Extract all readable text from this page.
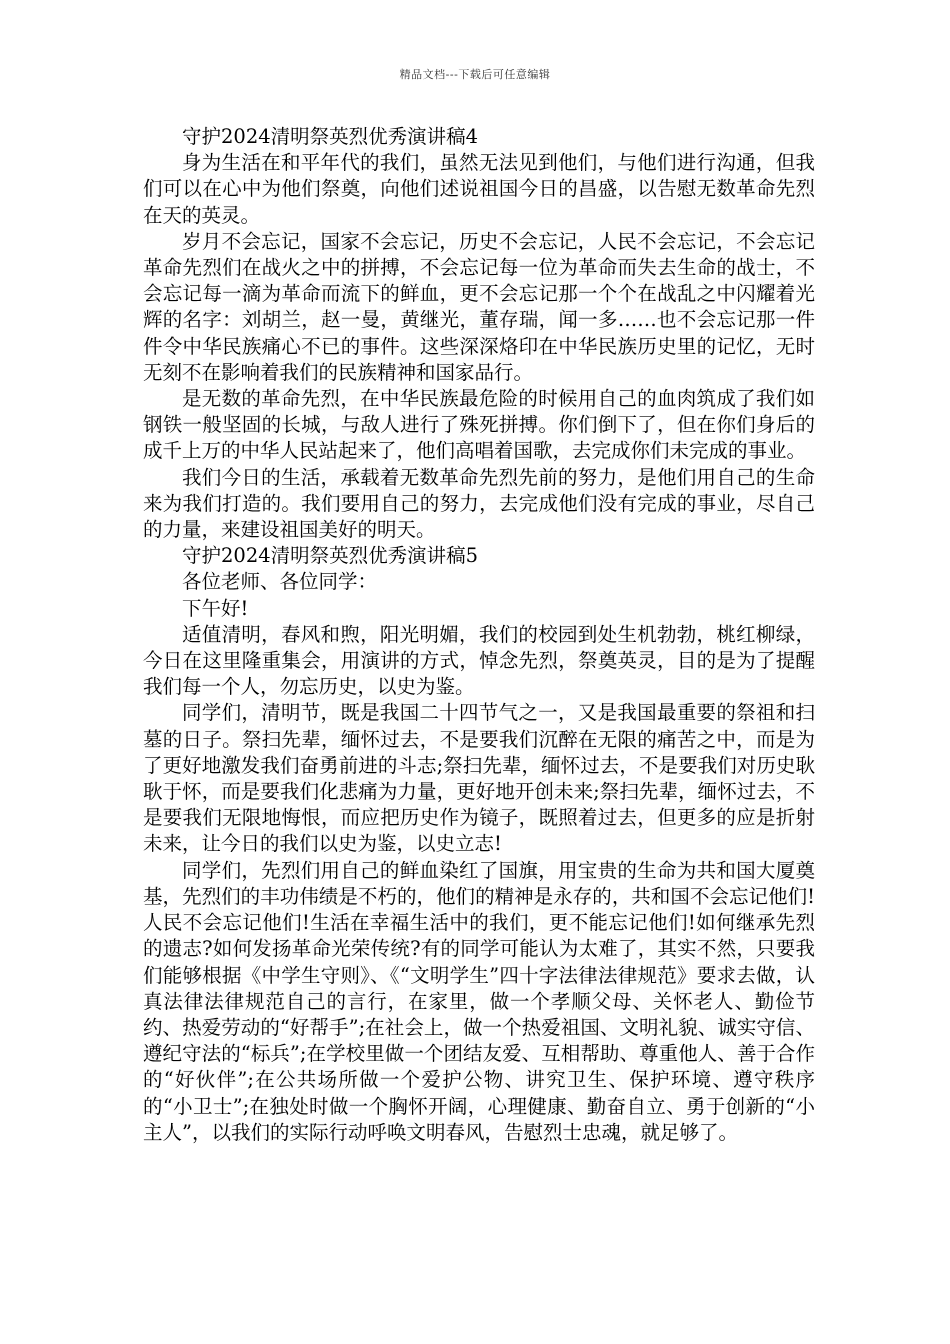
精品文档---下载后可任意编辑

守护2024清明祭英烈优秀演讲稿4

身为生活在和平年代的我们，虽然无法见到他们，与他们进行沟通，但我们可以在心中为他们祭奠，向他们述说祖国今日的昌盛，以告慰无数革命先烈在天的英灵。

岁月不会忘记，国家不会忘记，历史不会忘记，人民不会忘记，不会忘记革命先烈们在战火之中的拼搏，不会忘记每一位为革命而失去生命的战士，不会忘记每一滴为革命而流下的鲜血，更不会忘记那一个个在战乱之中闪耀着光辉的名字：刘胡兰，赵一曼，黄继光，董存瑞，闻一多……也不会忘记那一件件令中华民族痛心不已的事件。这些深深烙印在中华民族历史里的记忆，无时无刻不在影响着我们的民族精神和国家品行。

是无数的革命先烈，在中华民族最危险的时候用自己的血肉筑成了我们如钢铁一般坚固的长城，与敌人进行了殊死拼搏。你们倒下了，但在你们身后的成千上万的中华人民站起来了，他们高唱着国歌，去完成你们未完成的事业。

我们今日的生活，承载着无数革命先烈先前的努力，是他们用自己的生命来为我们打造的。我们要用自己的努力，去完成他们没有完成的事业，尽自己的力量，来建设祖国美好的明天。

守护2024清明祭英烈优秀演讲稿5

各位老师、各位同学：

下午好!

适值清明，春风和煦，阳光明媚，我们的校园到处生机勃勃，桃红柳绿，今日在这里隆重集会，用演讲的方式，悼念先烈，祭奠英灵，目的是为了提醒我们每一个人，勿忘历史，以史为鉴。

同学们，清明节，既是我国二十四节气之一，又是我国最重要的祭祖和扫墓的日子。祭扫先辈，缅怀过去，不是要我们沉醉在无限的痛苦之中，而是为了更好地激发我们奋勇前进的斗志;祭扫先辈，缅怀过去，不是要我们对历史耿耿于怀，而是要我们化悲痛为力量，更好地开创未来;祭扫先辈，缅怀过去，不是要我们无限地悔恨，而应把历史作为镜子，既照着过去，但更多的应是折射未来，让今日的我们以史为鉴，以史立志!

同学们，先烈们用自己的鲜血染红了国旗，用宝贵的生命为共和国大厦奠基，先烈们的丰功伟绩是不朽的，他们的精神是永存的，共和国不会忘记他们!人民不会忘记他们!生活在幸福生活中的我们，更不能忘记他们!如何继承先烈的遗志?如何发扬革命光荣传统?有的同学可能认为太难了，其实不然，只要我们能够根据《中学生守则》、《“文明学生”四十字法律法律规范》要求去做，认真法律法律规范自己的言行，在家里，做一个孝顺父母、关怀老人、勤俭节约、热爱劳动的“好帮手”;在社会上，做一个热爱祖国、文明礼貌、诚实守信、遵纪守法的“标兵”;在学校里做一个团结友爱、互相帮助、尊重他人、善于合作的“好伙伴”;在公共场所做一个爱护公物、讲究卫生、保护环境、遵守秩序的“小卫士”;在独处时做一个胸怀开阔，心理健康、勤奋自立、勇于创新的“小主人”，以我们的实际行动呼唤文明春风，告慰烈士忠魂，就足够了。
